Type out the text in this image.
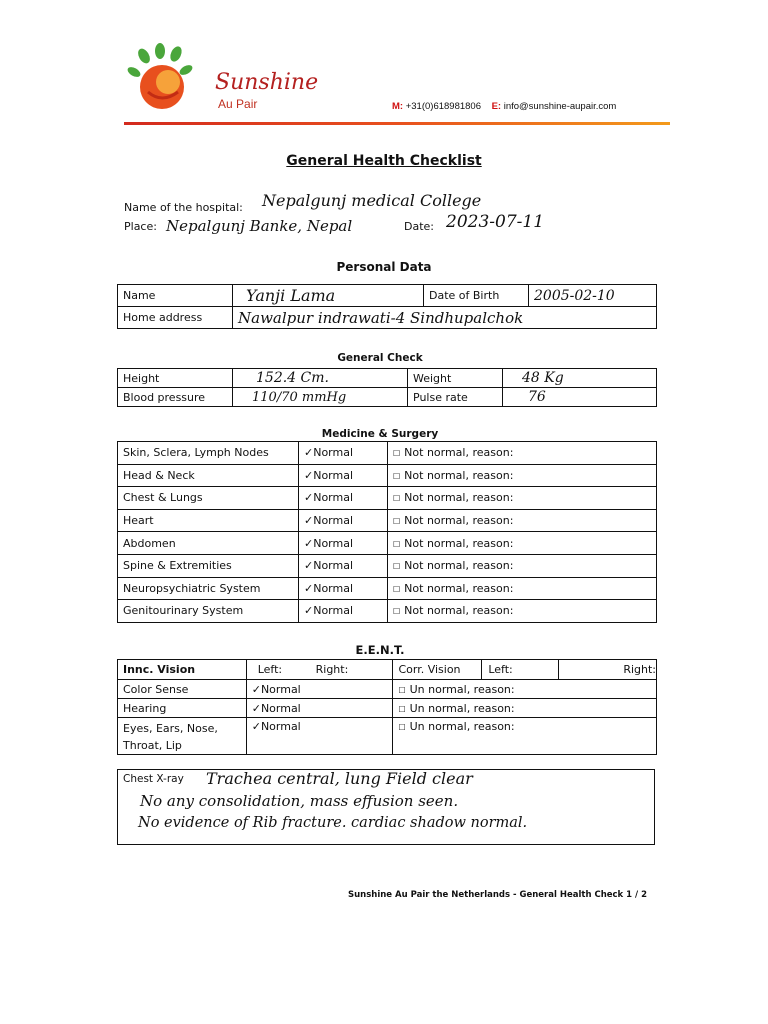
Sunshine
Au Pair	M: +31(0)618981806 E: info@sunshine-aupair.com
General Health Checklist
Name of the hospital: Nepalgunj medical College
Place: Nepalgunj Banke, Nepal	Date: 2023-07-11
Personal Data
Name	Yanji Lama	Date of Birth	2005-02-10
Home address	Nawalpur indrawati-4 Sindhupalchok		
General Check
Height	152.4 Cm.	Weight	48 Kg
Blood pressure	110/70 mmHg	Pulse rate	76
Medicine & Surgery
Skin, Sclera, Lymph Nodes	✓Normal	☐ Not normal, reason:
Head & Neck	✓Normal	☐ Not normal, reason:
Chest & Lungs	✓Normal	☐ Not normal, reason:
Heart	✓Normal	☐ Not normal, reason:
Abdomen	✓Normal	☐ Not normal, reason:
Spine & Extremities	✓Normal	☐ Not normal, reason:
Neuropsychiatric System	✓Normal	☐ Not normal, reason:
Genitourinary System	✓Normal	☐ Not normal, reason:
E.E.N.T.
Innc. Vision	Left: Right:	Corr. Vision	Left: Right:

Color Sense	✓Normal	☐ Un normal, reason:	
Hearing	✓Normal	☐ Un normal, reason:	
Eyes, Ears, Nose, Throat, Lip	✓Normal	☐ Un normal, reason:	
Chest X-ray Trachea central, lung Field clear
No any consolidation, mass effusion seen.
No evidence of Rib fracture. cardiac shadow normal.
Sunshine Au Pair the Netherlands - General Health Check 1 / 2
